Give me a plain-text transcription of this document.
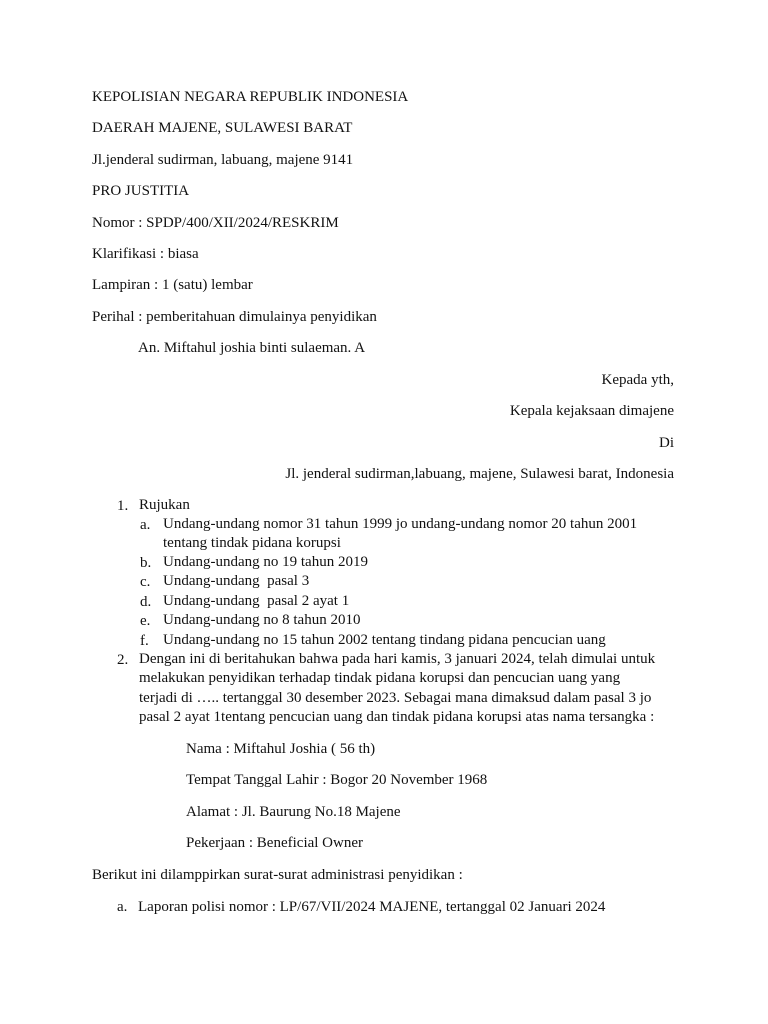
KEPOLISIAN NEGARA REPUBLIK INDONESIA
DAERAH MAJENE, SULAWESI BARAT
Jl.jenderal sudirman, labuang, majene 9141
PRO JUSTITIA
Nomor : SPDP/400/XII/2024/RESKRIM
Klarifikasi : biasa
Lampiran : 1 (satu) lembar
Perihal : pemberitahuan dimulainya penyidikan
An. Miftahul joshia binti sulaeman. A
Kepada yth,
Kepala kejaksaan dimajene
Di
Jl. jenderal sudirman,labuang, majene, Sulawesi barat, Indonesia
1. Rujukan
a. Undang-undang nomor 31 tahun 1999 jo undang-undang nomor 20 tahun 2001
tentang tindak pidana korupsi
b. Undang-undang no 19 tahun 2019
c. Undang-undang  pasal 3
d. Undang-undang  pasal 2 ayat 1
e. Undang-undang no 8 tahun 2010
f. Undang-undang no 15 tahun 2002 tentang tindang pidana pencucian uang
2. Dengan ini di beritahukan bahwa pada hari kamis, 3 januari 2024, telah dimulai untuk
melakukan penyidikan terhadap tindak pidana korupsi dan pencucian uang yang
terjadi di ….. tertanggal 30 desember 2023. Sebagai mana dimaksud dalam pasal 3 jo
pasal 2 ayat 1tentang pencucian uang dan tindak pidana korupsi atas nama tersangka :
Nama : Miftahul Joshia ( 56 th)
Tempat Tanggal Lahir : Bogor 20 November 1968
Alamat : Jl. Baurung No.18 Majene
Pekerjaan : Beneficial Owner
Berikut ini dilamppirkan surat-surat administrasi penyidikan :
a. Laporan polisi nomor : LP/67/VII/2024 MAJENE, tertanggal 02 Januari 2024
